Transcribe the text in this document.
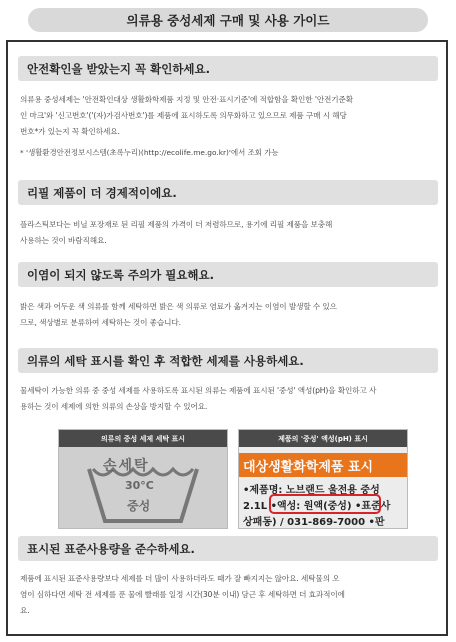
의류용 중성세제 구매 및 사용 가이드
안전확인을 받았는지 꼭 확인하세요.
의류용 중성세제는 '안전확인대상 생활화학제품 지정 및 안전·표시기준'에 적합함을 확인한 '안전기준확
인 마크'와 '신고번호'('(자)가검사번호')를 제품에 표시하도록 의무화하고 있으므로 제품 구매 시 해당
번호*가 있는지 꼭 확인하세요.
* '생활환경안전정보시스템(초록누리)(http://ecolife.me.go.kr)'에서 조회 가능
리필 제품이 더 경제적이에요.
플라스틱보다는 비닐 포장재로 된 리필 제품의 가격이 더 저렴하므로, 용기에 리필 제품을 보충해
사용하는 것이 바람직해요.
이염이 되지 않도록 주의가 필요해요.
밝은 색과 어두운 색 의류를 함께 세탁하면 밝은 색 의류로 염료가 옮겨지는 이염이 발생할 수 있으
므로, 색상별로 분류하여 세탁하는 것이 좋습니다.
의류의 세탁 표시를 확인 후 적합한 세제를 사용하세요.
물세탁이 가능한 의류 중 중성 세제를 사용하도록 표시된 의류는 제품에 표시된 '중성' 액성(pH)을 확인하고 사
용하는 것이 세제에 의한 의류의 손상을 방지할 수 있어요.
의류의 중성 세제 세탁 표시
손세탁
30°C
중성
제품의 '중성' 액성(pH) 표시
대상생활화학제품 표시
•제품명: 노브랜드 울전용 중성
2.1L •액성: 원액(중성) •표준사
상패동) / 031-869-7000 •판
표시된 표준사용량을 준수하세요.
제품에 표시된 표준사용량보다 세제를 더 많이 사용하더라도 때가 잘 빠지지는 않아요. 세탁물의 오
염이 심하다면 세탁 전 세제를 푼 물에 빨래를 일정 시간(30분 이내) 담근 후 세탁하면 더 효과적이에
요.
